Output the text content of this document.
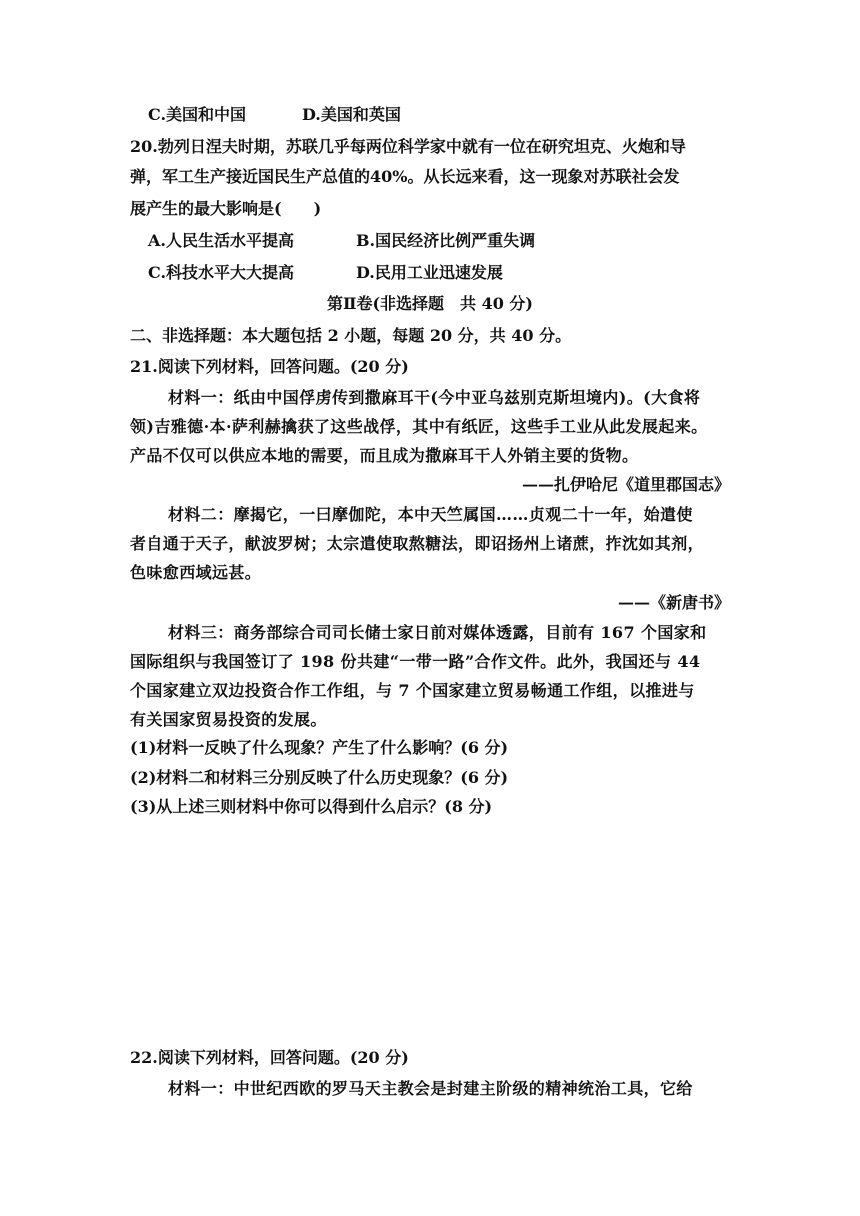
C.美国和中国	D.美国和英国
20.勃列日涅夫时期，苏联几乎每两位科学家中就有一位在研究坦克、火炮和导
弹，军工生产接近国民生产总值的40%。从长远来看，这一现象对苏联社会发
展产生的最大影响是(　　)
A.人民生活水平提高	B.国民经济比例严重失调
C.科技水平大大提高	D.民用工业迅速发展
第Ⅱ卷(非选择题　共 40 分)
二、非选择题：本大题包括 2 小题，每题 20 分，共 40 分。
21.阅读下列材料，回答问题。(20 分)
材料一：纸由中国俘虏传到撒麻耳干(今中亚乌兹别克斯坦境内)。(大食将
领)吉雅德·本·萨利赫擒获了这些战俘，其中有纸匠，这些手工业从此发展起来。
产品不仅可以供应本地的需要，而且成为撒麻耳干人外销主要的货物。
——扎伊哈尼《道里郡国志》
材料二：摩揭它，一曰摩伽陀，本中天竺属国……贞观二十一年，始遣使
者自通于天子，献波罗树；太宗遣使取熬糖法，即诏扬州上诸蔗，拃沈如其剂，
色味愈西域远甚。
——《新唐书》
材料三：商务部综合司司长储士家日前对媒体透露，目前有 167 个国家和
国际组织与我国签订了 198 份共建“一带一路”合作文件。此外，我国还与 44
个国家建立双边投资合作工作组，与 7 个国家建立贸易畅通工作组，以推进与
有关国家贸易投资的发展。
(1)材料一反映了什么现象？产生了什么影响？(6 分)
(2)材料二和材料三分别反映了什么历史现象？(6 分)
(3)从上述三则材料中你可以得到什么启示？(8 分)
22.阅读下列材料，回答问题。(20 分)
材料一：中世纪西欧的罗马天主教会是封建主阶级的精神统治工具，它给
